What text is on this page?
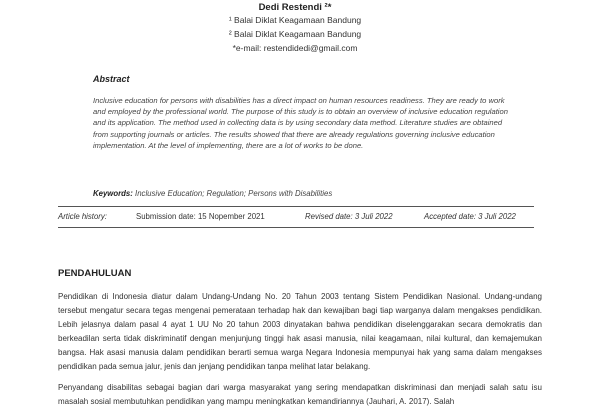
Dedi Restendi ²*
¹ Balai Diklat Keagamaan Bandung
² Balai Diklat Keagamaan Bandung
*e-mail: restendidedi@gmail.com
Abstract
Inclusive education for persons with disabilities has a direct impact on human resources readiness. They are ready to work and employed by the professional world. The purpose of this study is to obtain an overview of inclusive education regulation and its application. The method used in collecting data is by using secondary data method. Literature studies are obtained from supporting journals or articles. The results showed that there are already regulations governing inclusive education implementation. At the level of implementing, there are a lot of works to be done.
Keywords: Inclusive Education; Regulation; Persons with Disabilities
Article history:	Submission date: 15 Nopember 2021	Revised date: 3 Juli 2022	Accepted date: 3 Juli 2022
PENDAHULUAN
Pendidikan di Indonesia diatur dalam Undang-Undang No. 20 Tahun 2003 tentang Sistem Pendidikan Nasional. Undang-undang tersebut mengatur secara tegas mengenai pemerataan terhadap hak dan kewajiban bagi tiap warganya dalam mengakses pendidikan. Lebih jelasnya dalam pasal 4 ayat 1 UU No 20 tahun 2003 dinyatakan bahwa pendidikan diselenggarakan secara demokratis dan berkeadilan serta tidak diskriminatif dengan menjunjung tinggi hak asasi manusia, nilai keagamaan, nilai kultural, dan kemajemukan bangsa. Hak asasi manusia dalam pendidikan berarti semua warga Negara Indonesia mempunyai hak yang sama dalam mengakses pendidikan pada semua jalur, jenis dan jenjang pendidikan tanpa melihat latar belakang.
Penyandang disabilitas sebagai bagian dari warga masyarakat yang sering mendapatkan diskriminasi dan menjadi salah satu isu masalah sosial membutuhkan pendidikan yang mampu meningkatkan kemandiriannya (Jauhari, A. 2017). Salah
